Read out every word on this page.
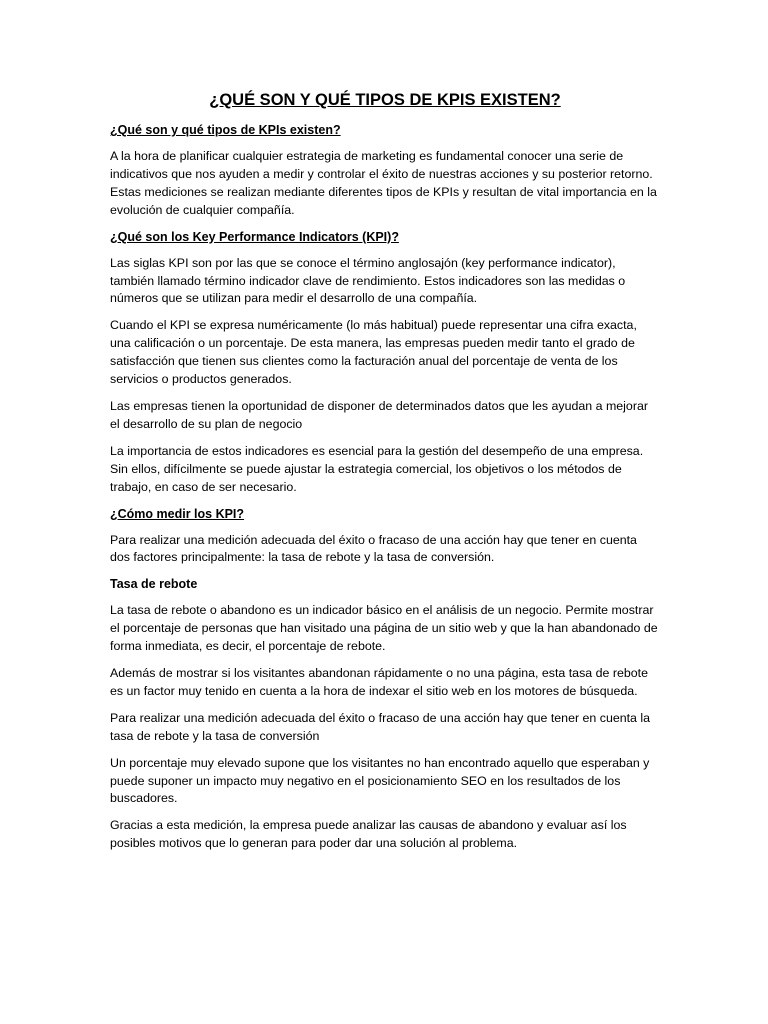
¿QUÉ SON Y QUÉ TIPOS DE KPIS EXISTEN?
¿Qué son y qué tipos de KPIs existen?

A la hora de planificar cualquier estrategia de marketing es fundamental conocer una serie de indicativos que nos ayuden a medir y controlar el éxito de nuestras acciones y su posterior retorno. Estas mediciones se realizan mediante diferentes tipos de KPIs y resultan de vital importancia en la evolución de cualquier compañía.

¿Qué son los Key Performance Indicators (KPI)?

Las siglas KPI son por las que se conoce el término anglosajón (key performance indicator), también llamado término indicador clave de rendimiento. Estos indicadores son las medidas o números que se utilizan para medir el desarrollo de una compañía.

Cuando el KPI se expresa numéricamente (lo más habitual) puede representar una cifra exacta, una calificación o un porcentaje. De esta manera, las empresas pueden medir tanto el grado de satisfacción que tienen sus clientes como la facturación anual del porcentaje de venta de los servicios o productos generados.

Las empresas tienen la oportunidad de disponer de determinados datos que les ayudan a mejorar el desarrollo de su plan de negocio

La importancia de estos indicadores es esencial para la gestión del desempeño de una empresa. Sin ellos, difícilmente se puede ajustar la estrategia comercial, los objetivos o los métodos de trabajo, en caso de ser necesario.

¿Cómo medir los KPI?

Para realizar una medición adecuada del éxito o fracaso de una acción hay que tener en cuenta dos factores principalmente: la tasa de rebote y la tasa de conversión.

Tasa de rebote

La tasa de rebote o abandono es un indicador básico en el análisis de un negocio. Permite mostrar el porcentaje de personas que han visitado una página de un sitio web y que la han abandonado de forma inmediata, es decir, el porcentaje de rebote.

Además de mostrar si los visitantes abandonan rápidamente o no una página, esta tasa de rebote es un factor muy tenido en cuenta a la hora de indexar el sitio web en los motores de búsqueda.

Para realizar una medición adecuada del éxito o fracaso de una acción hay que tener en cuenta la tasa de rebote y la tasa de conversión

Un porcentaje muy elevado supone que los visitantes no han encontrado aquello que esperaban y puede suponer un impacto muy negativo en el posicionamiento SEO en los resultados de los buscadores.

Gracias a esta medición, la empresa puede analizar las causas de abandono y evaluar así los posibles motivos que lo generan para poder dar una solución al problema.
